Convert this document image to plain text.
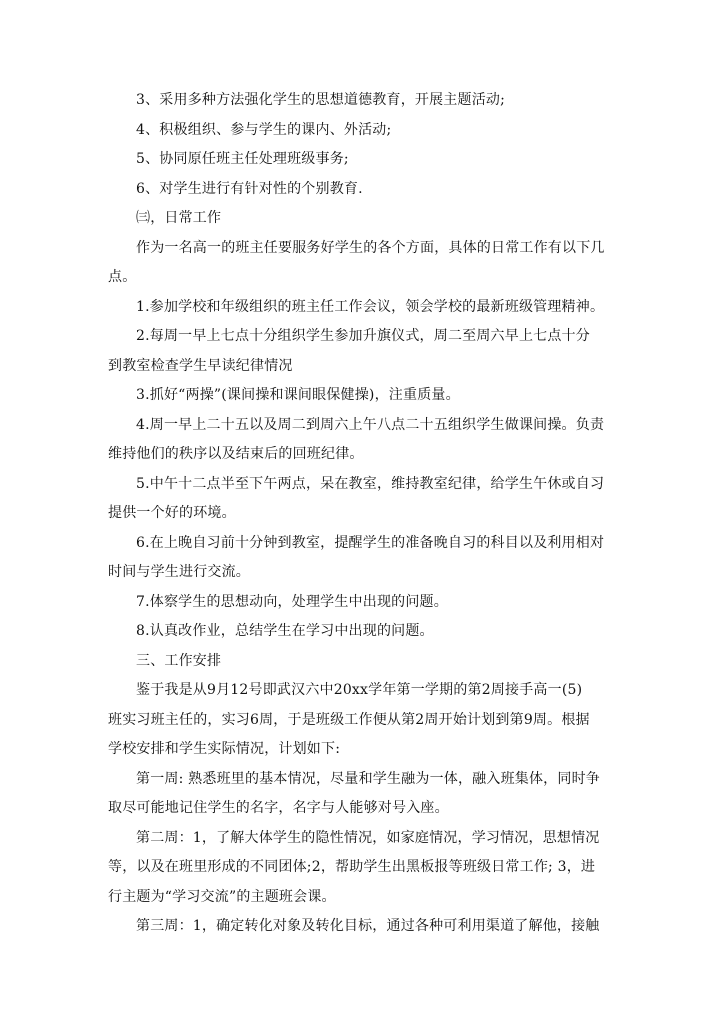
3、采用多种方法强化学生的思想道德教育，开展主题活动;
4、积极组织、参与学生的课内、外活动;
5、协同原任班主任处理班级事务;
6、对学生进行有针对性的个别教育.
㈢，日常工作
作为一名高一的班主任要服务好学生的各个方面，具体的日常工作有以下几
点。
1.参加学校和年级组织的班主任工作会议，领会学校的最新班级管理精神。
2.每周一早上七点十分组织学生参加升旗仪式，周二至周六早上七点十分
到教室检查学生早读纪律情况
3.抓好“两操”(课间操和课间眼保健操)，注重质量。
4.周一早上二十五以及周二到周六上午八点二十五组织学生做课间操。负责
维持他们的秩序以及结束后的回班纪律。
5.中午十二点半至下午两点，呆在教室，维持教室纪律，给学生午休或自习
提供一个好的环境。
6.在上晚自习前十分钟到教室，提醒学生的准备晚自习的科目以及利用相对
时间与学生进行交流。
7.体察学生的思想动向，处理学生中出现的问题。
8.认真改作业，总结学生在学习中出现的问题。
三、工作安排
鉴于我是从9月12号即武汉六中20xx学年第一学期的第2周接手高一(5)
班实习班主任的，实习6周，于是班级工作便从第2周开始计划到第9周。根据
学校安排和学生实际情况，计划如下:
第一周: 熟悉班里的基本情况，尽量和学生融为一体，融入班集体，同时争
取尽可能地记住学生的名字，名字与人能够对号入座。
第二周：1，了解大体学生的隐性情况，如家庭情况，学习情况，思想情况
等，以及在班里形成的不同团体;2，帮助学生出黑板报等班级日常工作; 3，进
行主题为“学习交流”的主题班会课。
第三周：1，确定转化对象及转化目标，通过各种可利用渠道了解他，接触
